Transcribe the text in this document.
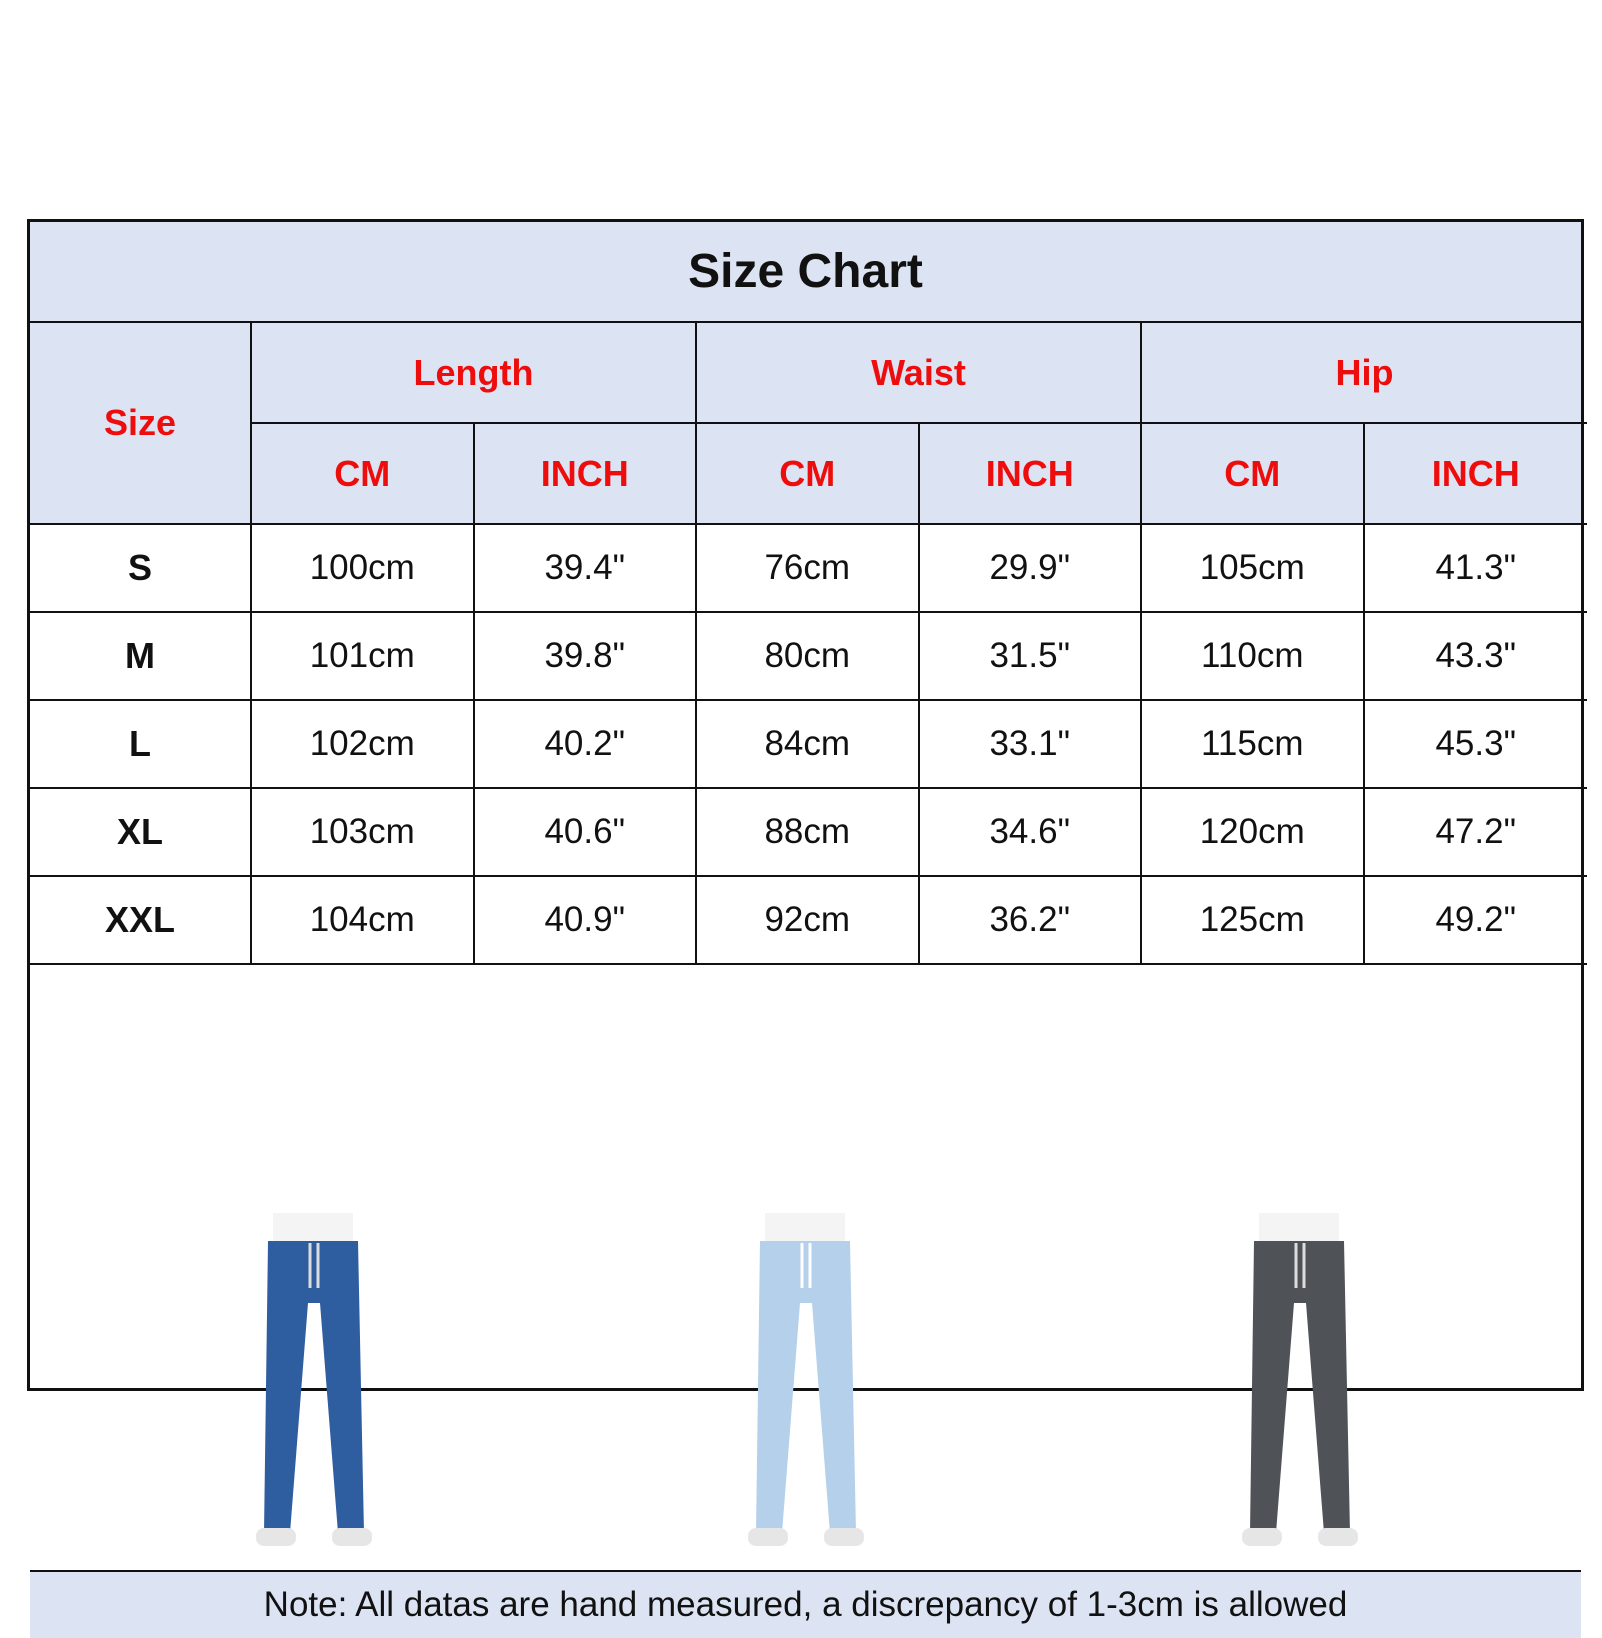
Size Chart
Size
Length	Waist	Hip
CM	INCH	CM	INCH	CM	INCH
S	100cm	39.4"	76cm	29.9"	105cm	41.3"
M	101cm	39.8"	80cm	31.5"	110cm	43.3"
L	102cm	40.2"	84cm	33.1"	115cm	45.3"
XL	103cm	40.6"	88cm	34.6"	120cm	47.2"
XXL	104cm	40.9"	92cm	36.2"	125cm	49.2"
Note: All datas are hand measured, a discrepancy of 1-3cm is allowed
